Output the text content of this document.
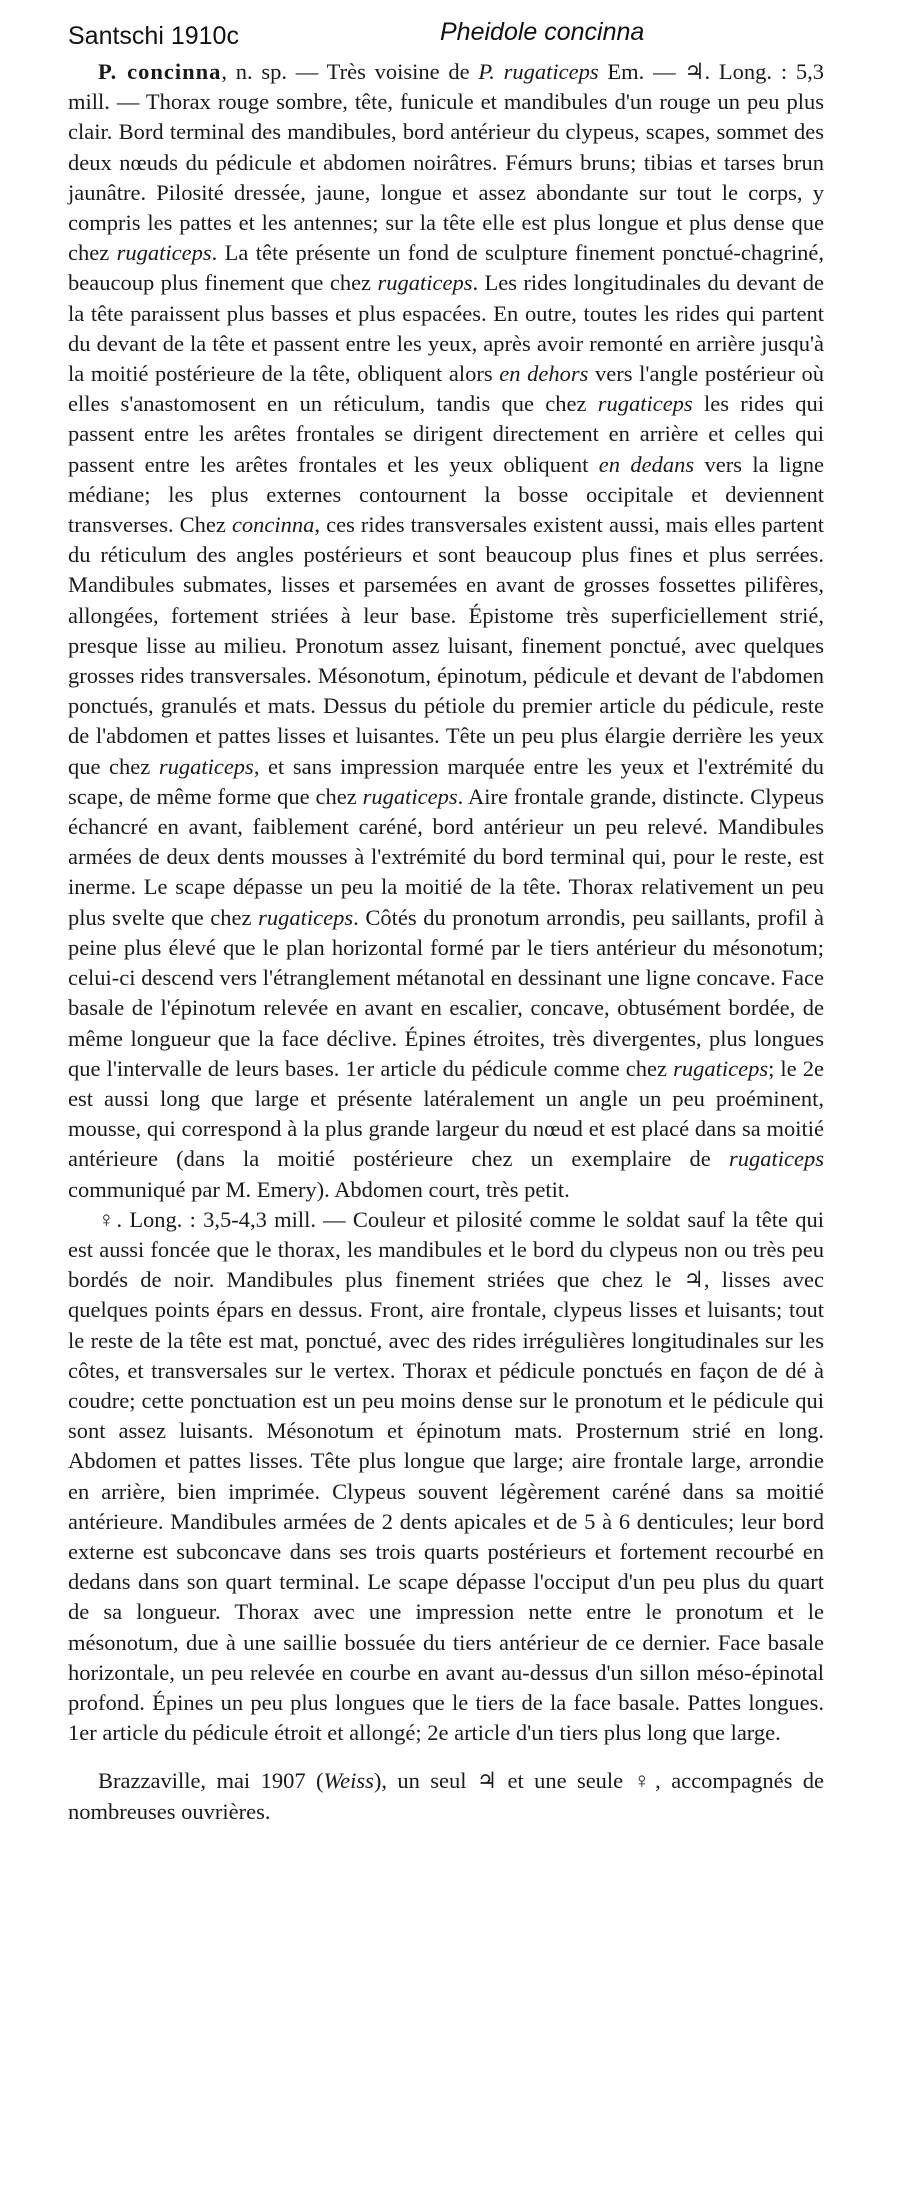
Santschi 1910c	Pheidole concinna

P. concinna, n. sp. — Très voisine de P. rugaticeps Em. — ♃. Long. : 5,3 mill. — Thorax rouge sombre, tête, funicule et mandibules d'un rouge un peu plus clair. Bord terminal des mandibules, bord antérieur du clypeus, scapes, sommet des deux nœuds du pédicule et abdomen noirâtres. Fémurs bruns; tibias et tarses brun jaunâtre. Pilosité dressée, jaune, longue et assez abondante sur tout le corps, y compris les pattes et les antennes; sur la tête elle est plus longue et plus dense que chez rugaticeps. La tête présente un fond de sculpture finement ponctué-chagriné, beaucoup plus finement que chez rugaticeps. Les rides longitudinales du devant de la tête paraissent plus basses et plus espacées. En outre, toutes les rides qui partent du devant de la tête et passent entre les yeux, après avoir remonté en arrière jusqu'à la moitié postérieure de la tête, obliquent alors en dehors vers l'angle postérieur où elles s'anastomosent en un réticulum, tandis que chez rugaticeps les rides qui passent entre les arêtes frontales se dirigent directement en arrière et celles qui passent entre les arêtes frontales et les yeux obliquent en dedans vers la ligne médiane; les plus externes contournent la bosse occipitale et deviennent transverses. Chez concinna, ces rides transversales existent aussi, mais elles partent du réticulum des angles postérieurs et sont beaucoup plus fines et plus serrées. Mandibules submates, lisses et parsemées en avant de grosses fossettes pilifères, allongées, fortement striées à leur base. Épistome très superficiellement strié, presque lisse au milieu. Pronotum assez luisant, finement ponctué, avec quelques grosses rides transversales. Mésonotum, épinotum, pédicule et devant de l'abdomen ponctués, granulés et mats. Dessus du pétiole du premier article du pédicule, reste de l'abdomen et pattes lisses et luisantes. Tête un peu plus élargie derrière les yeux que chez rugaticeps, et sans impression marquée entre les yeux et l'extrémité du scape, de même forme que chez rugaticeps. Aire frontale grande, distincte. Clypeus échancré en avant, faiblement caréné, bord antérieur un peu relevé. Mandibules armées de deux dents mousses à l'extrémité du bord terminal qui, pour le reste, est inerme. Le scape dépasse un peu la moitié de la tête. Thorax relativement un peu plus svelte que chez rugaticeps. Côtés du pronotum arrondis, peu saillants, profil à peine plus élevé que le plan horizontal formé par le tiers antérieur du mésonotum; celui-ci descend vers l'étranglement métanotal en dessinant une ligne concave. Face basale de l'épinotum relevée en avant en escalier, concave, obtusément bordée, de même longueur que la face déclive. Épines étroites, très divergentes, plus longues que l'intervalle de leurs bases. 1er article du pédicule comme chez rugaticeps; le 2e est aussi long que large et présente latéralement un angle un peu proéminent, mousse, qui correspond à la plus grande largeur du nœud et est placé dans sa moitié antérieure (dans la moitié postérieure chez un exemplaire de rugaticeps communiqué par M. Emery). Abdomen court, très petit.

♀. Long. : 3,5-4,3 mill. — Couleur et pilosité comme le soldat sauf la tête qui est aussi foncée que le thorax, les mandibules et le bord du clypeus non ou très peu bordés de noir. Mandibules plus finement striées que chez le ♃, lisses avec quelques points épars en dessus. Front, aire frontale, clypeus lisses et luisants; tout le reste de la tête est mat, ponctué, avec des rides irrégulières longitudinales sur les côtes, et transversales sur le vertex. Thorax et pédicule ponctués en façon de dé à coudre; cette ponctuation est un peu moins dense sur le pronotum et le pédicule qui sont assez luisants. Mésonotum et épinotum mats. Prosternum strié en long. Abdomen et pattes lisses. Tête plus longue que large; aire frontale large, arrondie en arrière, bien imprimée. Clypeus souvent légèrement caréné dans sa moitié antérieure. Mandibules armées de 2 dents apicales et de 5 à 6 denticules; leur bord externe est subconcave dans ses trois quarts postérieurs et fortement recourbé en dedans dans son quart terminal. Le scape dépasse l'occiput d'un peu plus du quart de sa longueur. Thorax avec une impression nette entre le pronotum et le mésonotum, due à une saillie bossuée du tiers antérieur de ce dernier. Face basale horizontale, un peu relevée en courbe en avant au-dessus d'un sillon méso-épinotal profond. Épines un peu plus longues que le tiers de la face basale. Pattes longues. 1er article du pédicule étroit et allongé; 2e article d'un tiers plus long que large.

Brazzaville, mai 1907 (Weiss), un seul ♃ et une seule ♀, accompagnés de nombreuses ouvrières.
